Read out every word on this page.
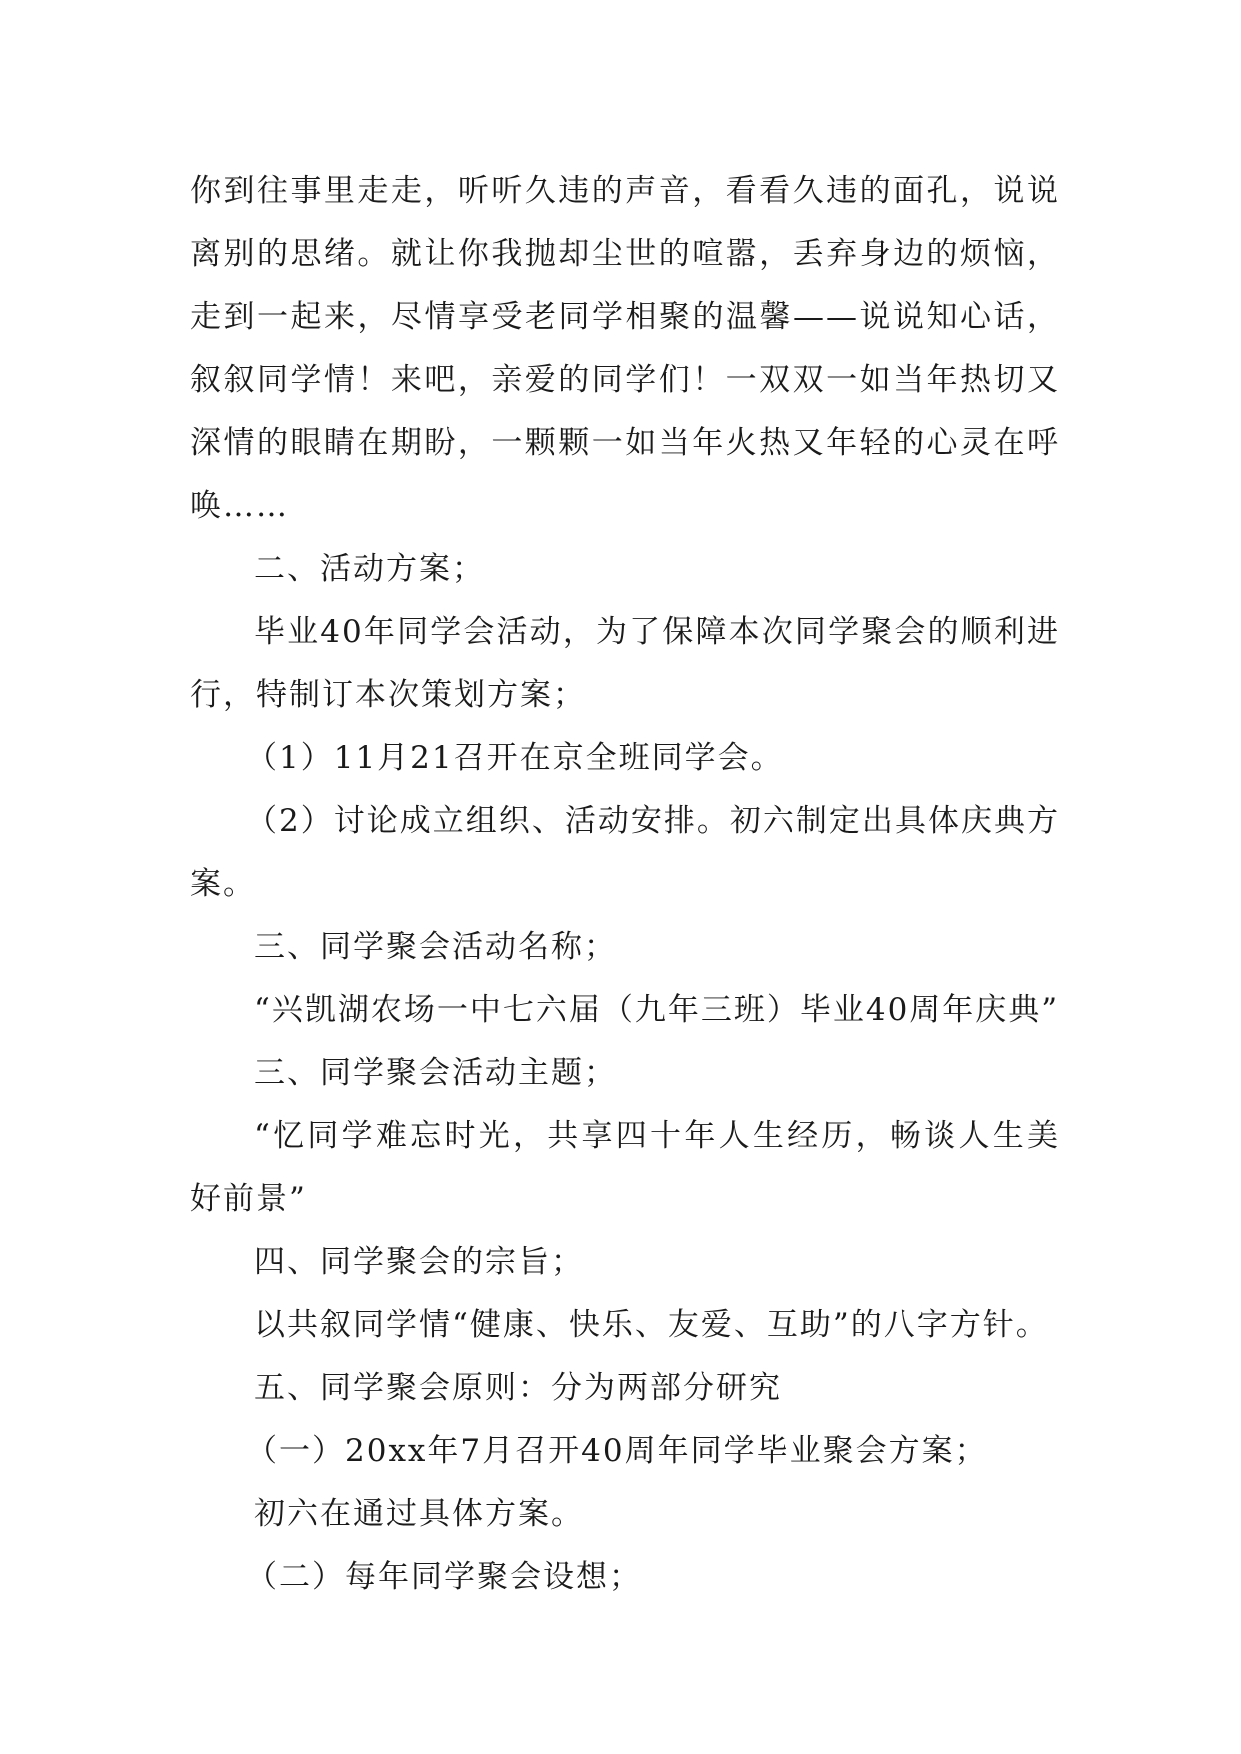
你到往事里走走，听听久违的声音，看看久违的面孔，说说离别的思绪。就让你我抛却尘世的喧嚣，丢弃身边的烦恼，走到一起来，尽情享受老同学相聚的温馨——说说知心话，叙叙同学情！来吧，亲爱的同学们！一双双一如当年热切又深情的眼睛在期盼，一颗颗一如当年火热又年轻的心灵在呼唤……

二、活动方案；

毕业40年同学会活动，为了保障本次同学聚会的顺利进行，特制订本次策划方案；

（1）11月21召开在京全班同学会。

（2）讨论成立组织、活动安排。初六制定出具体庆典方案。

三、同学聚会活动名称；

“兴凯湖农场一中七六届（九年三班）毕业40周年庆典”

三、同学聚会活动主题；

“忆同学难忘时光，共享四十年人生经历，畅谈人生美好前景”

四、同学聚会的宗旨；

以共叙同学情“健康、快乐、友爱、互助”的八字方针。

五、同学聚会原则：分为两部分研究

（一）20xx年7月召开40周年同学毕业聚会方案；

初六在通过具体方案。

（二）每年同学聚会设想；
